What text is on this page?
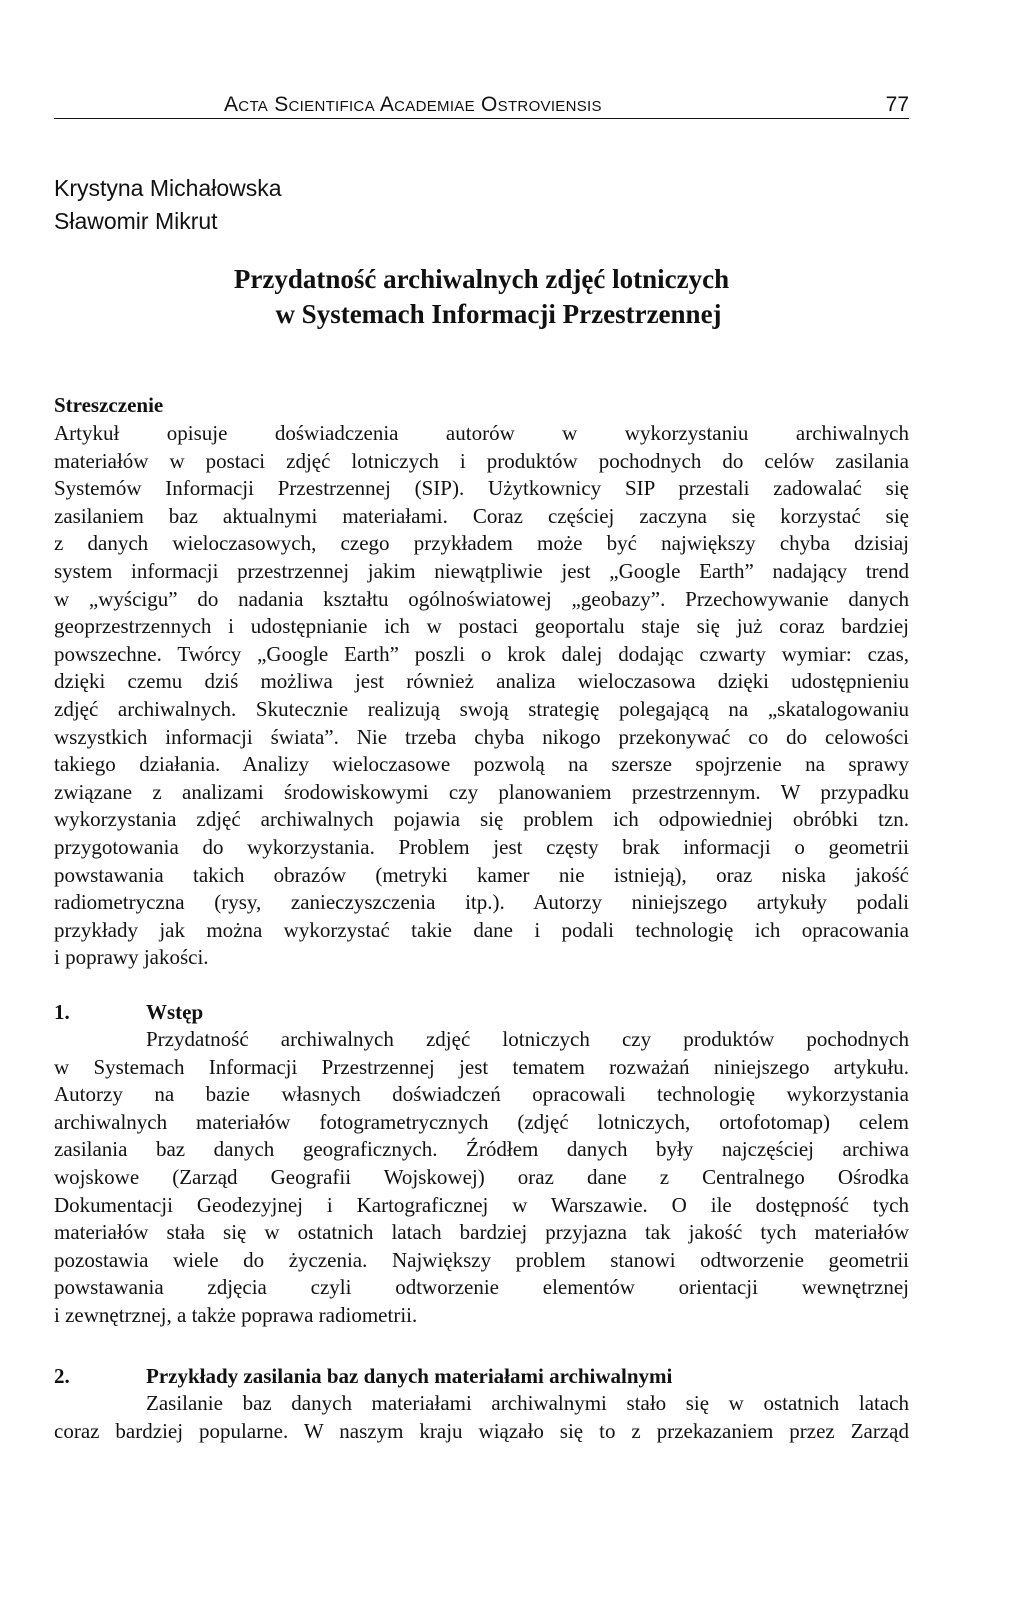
Acta Scientifica Academiae Ostroviensis	77
Krystyna Michałowska
Sławomir Mikrut
Przydatność archiwalnych zdjęć lotniczych
w Systemach Informacji Przestrzennej
Streszczenie
Artykuł opisuje doświadczenia autorów w wykorzystaniu archiwalnych
materiałów w postaci zdjęć lotniczych i produktów pochodnych do celów zasilania
Systemów Informacji Przestrzennej (SIP). Użytkownicy SIP przestali zadowalać się
zasilaniem baz aktualnymi materiałami. Coraz częściej zaczyna się korzystać się
z danych wieloczasowych, czego przykładem może być największy chyba dzisiaj
system informacji przestrzennej jakim niewątpliwie jest „Google Earth” nadający trend
w „wyścigu” do nadania kształtu ogólnoświatowej „geobazy”. Przechowywanie danych
geoprzestrzennych i udostępnianie ich w postaci geoportalu staje się już coraz bardziej
powszechne. Twórcy „Google Earth” poszli o krok dalej dodając czwarty wymiar: czas,
dzięki czemu dziś możliwa jest również analiza wieloczasowa dzięki udostępnieniu
zdjęć archiwalnych. Skutecznie realizują swoją strategię polegającą na „skatalogowaniu
wszystkich informacji świata”. Nie trzeba chyba nikogo przekonywać co do celowości
takiego działania. Analizy wieloczasowe pozwolą na szersze spojrzenie na sprawy
związane z analizami środowiskowymi czy planowaniem przestrzennym. W przypadku
wykorzystania zdjęć archiwalnych pojawia się problem ich odpowiedniej obróbki tzn.
przygotowania do wykorzystania. Problem jest częsty brak informacji o geometrii
powstawania takich obrazów (metryki kamer nie istnieją), oraz niska jakość
radiometryczna (rysy, zanieczyszczenia itp.). Autorzy niniejszego artykuły podali
przykłady jak można wykorzystać takie dane i podali technologię ich opracowania
i poprawy jakości.
1.	Wstęp
Przydatność archiwalnych zdjęć lotniczych czy produktów pochodnych
w Systemach Informacji Przestrzennej jest tematem rozważań niniejszego artykułu.
Autorzy na bazie własnych doświadczeń opracowali technologię wykorzystania
archiwalnych materiałów fotogrametrycznych (zdjęć lotniczych, ortofotomap) celem
zasilania baz danych geograficznych. Źródłem danych były najczęściej archiwa
wojskowe (Zarząd Geografii Wojskowej) oraz dane z Centralnego Ośrodka
Dokumentacji Geodezyjnej i Kartograficznej w Warszawie. O ile dostępność tych
materiałów stała się w ostatnich latach bardziej przyjazna tak jakość tych materiałów
pozostawia wiele do życzenia. Największy problem stanowi odtworzenie geometrii
powstawania zdjęcia czyli odtworzenie elementów orientacji wewnętrznej
i zewnętrznej, a także poprawa radiometrii.
2.	Przykłady zasilania baz danych materiałami archiwalnymi
Zasilanie baz danych materiałami archiwalnymi stało się w ostatnich latach
coraz bardziej popularne. W naszym kraju wiązało się to z przekazaniem przez Zarząd
